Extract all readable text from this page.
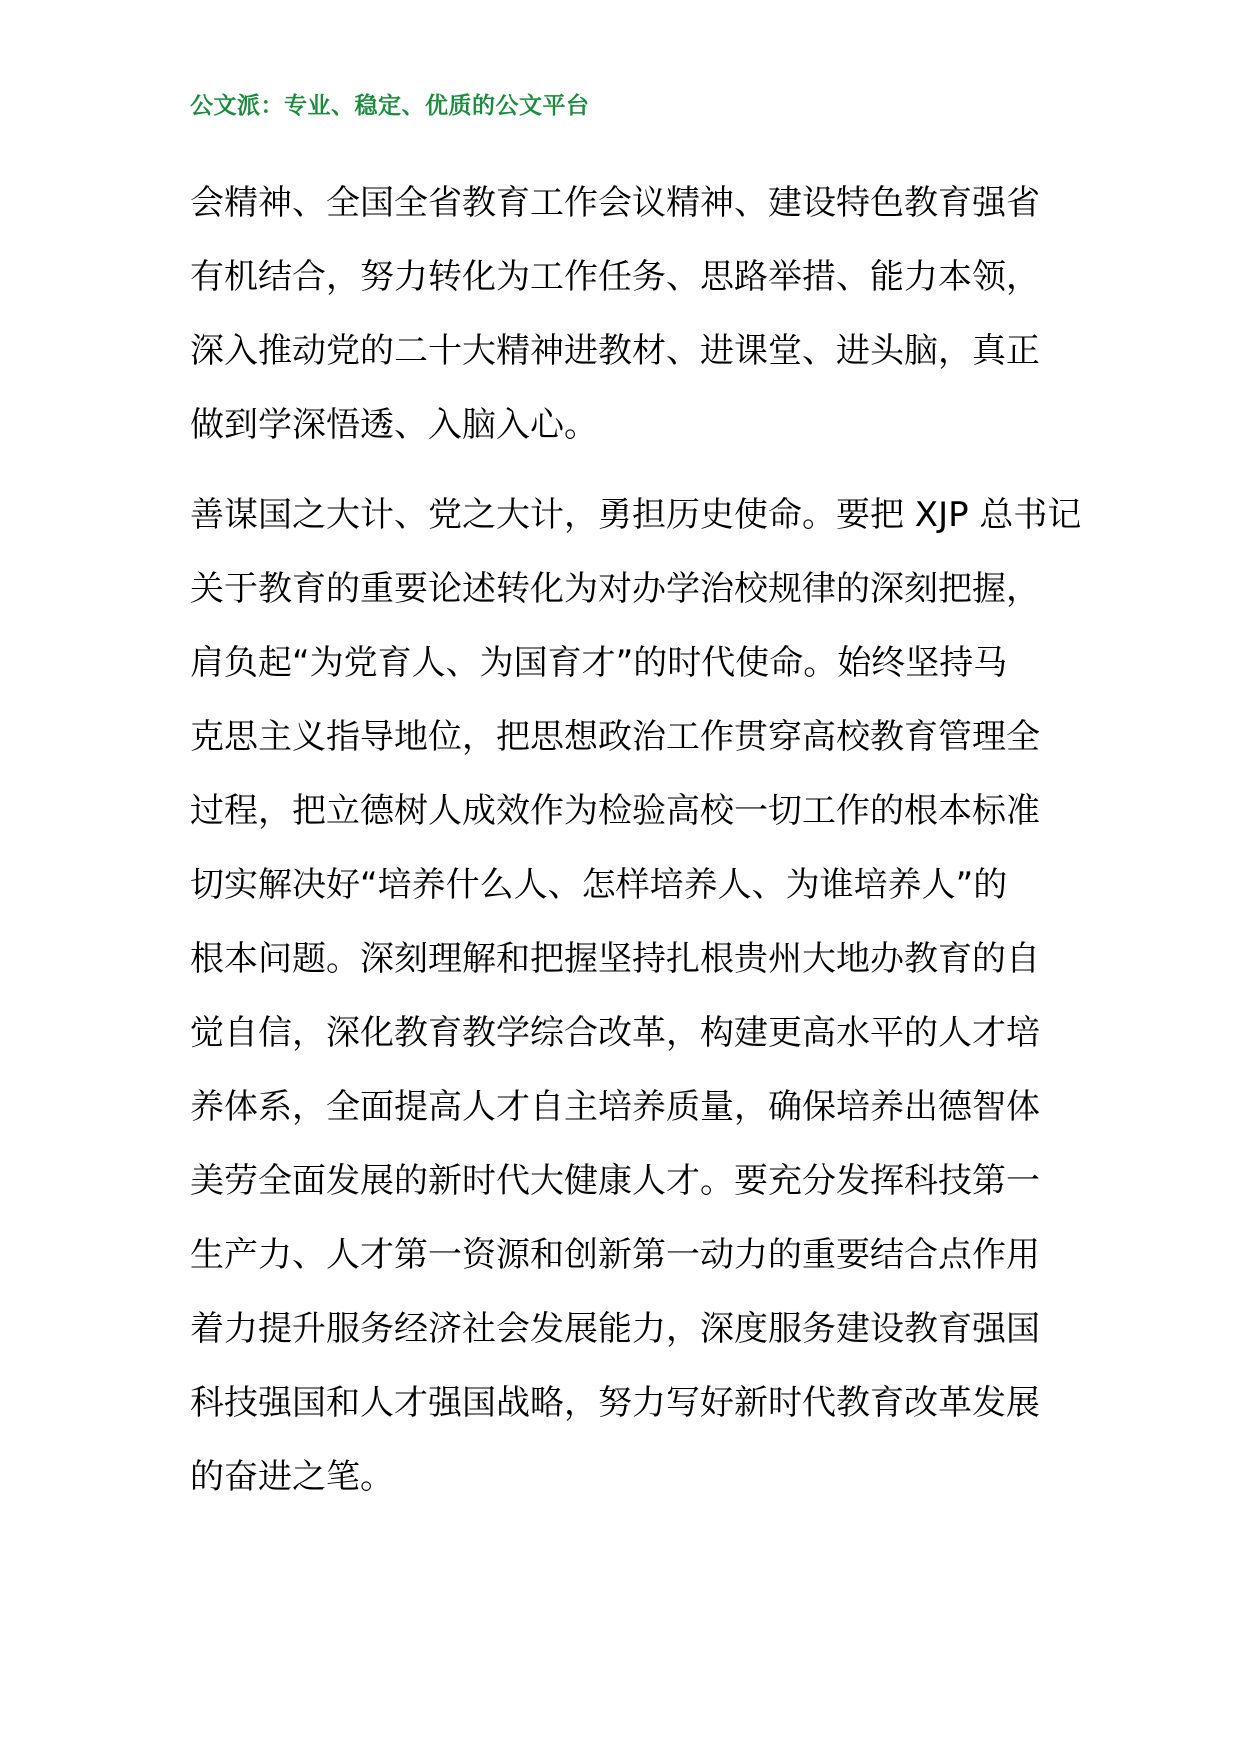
公文派：专业、稳定、优质的公文平台
会精神、全国全省教育工作会议精神、建设特色教育强省
有机结合，努力转化为工作任务、思路举措、能力本领，
深入推动党的二十大精神进教材、进课堂、进头脑，真正
做到学深悟透、入脑入心。
善谋国之大计、党之大计，勇担历史使命。要把 XJP 总书记
关于教育的重要论述转化为对办学治校规律的深刻把握，
肩负起“为党育人、为国育才”的时代使命。始终坚持马
克思主义指导地位，把思想政治工作贯穿高校教育管理全
过程，把立德树人成效作为检验高校一切工作的根本标准
切实解决好“培养什么人、怎样培养人、为谁培养人”的
根本问题。深刻理解和把握坚持扎根贵州大地办教育的自
觉自信，深化教育教学综合改革，构建更高水平的人才培
养体系，全面提高人才自主培养质量，确保培养出德智体
美劳全面发展的新时代大健康人才。要充分发挥科技第一
生产力、人才第一资源和创新第一动力的重要结合点作用
着力提升服务经济社会发展能力，深度服务建设教育强国
科技强国和人才强国战略，努力写好新时代教育改革发展
的奋进之笔。
